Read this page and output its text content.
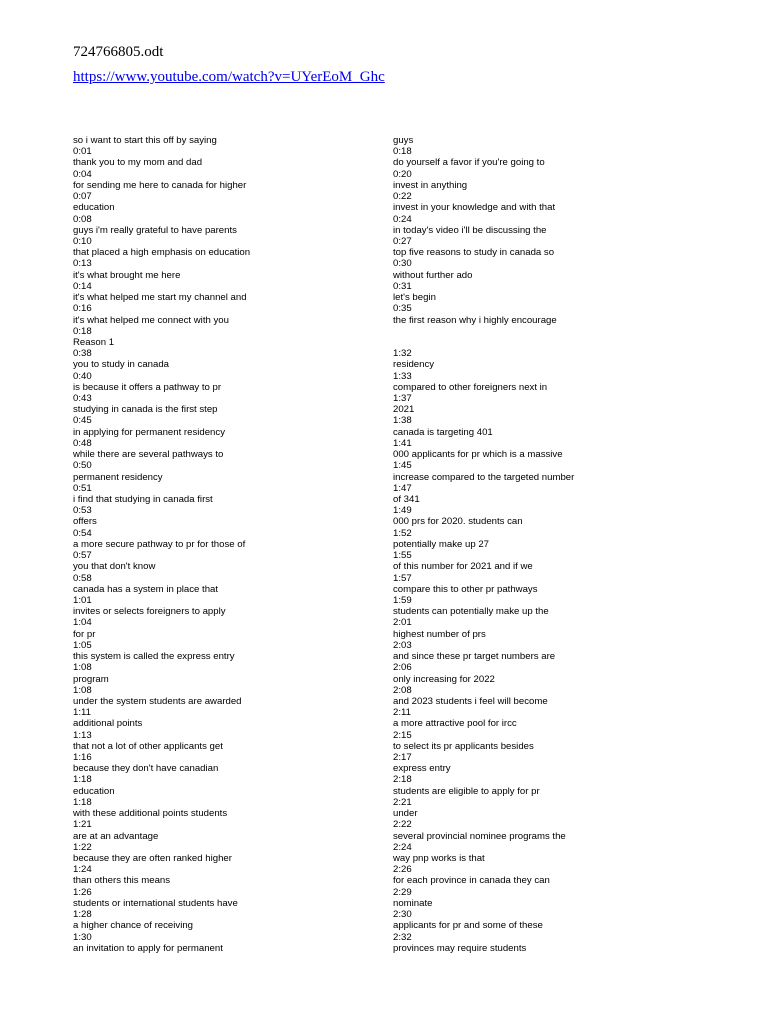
724766805.odt
https://www.youtube.com/watch?v=UYerEoM_Ghc
so i want to start this off by saying
0:01
thank you to my mom and dad
0:04
for sending me here to canada for higher
0:07
education
0:08
guys i'm really grateful to have parents
0:10
that placed a high emphasis on education
0:13
it's what brought me here
0:14
it's what helped me start my channel and
0:16
it's what helped me connect with you
0:18
Reason 1
0:38
you to study in canada
0:40
is because it offers a pathway to pr
0:43
studying in canada is the first step
0:45
in applying for permanent residency
0:48
while there are several pathways to
0:50
permanent residency
0:51
i find that studying in canada first
0:53
offers
0:54
a more secure pathway to pr for those of
0:57
you that don't know
0:58
canada has a system in place that
1:01
invites or selects foreigners to apply
1:04
for pr
1:05
this system is called the express entry
1:08
program
1:08
under the system students are awarded
1:11
additional points
1:13
that not a lot of other applicants get
1:16
because they don't have canadian
1:18
education
1:18
with these additional points students
1:21
are at an advantage
1:22
because they are often ranked higher
1:24
than others this means
1:26
students or international students have
1:28
a higher chance of receiving
1:30
an invitation to apply for permanent
guys
0:18
do yourself a favor if you're going to
0:20
invest in anything
0:22
invest in your knowledge and with that
0:24
in today's video i'll be discussing the
0:27
top five reasons to study in canada so
0:30
without further ado
0:31
let's begin
0:35
the first reason why i highly encourage
1:32
residency
1:33
compared to other foreigners next in
1:37
2021
1:38
canada is targeting 401
1:41
000 applicants for pr which is a massive
1:45
increase compared to the targeted number
1:47
of 341
1:49
000 prs for 2020. students can
1:52
potentially make up 27
1:55
of this number for 2021 and if we
1:57
compare this to other pr pathways
1:59
students can potentially make up the
2:01
highest number of prs
2:03
and since these pr target numbers are
2:06
only increasing for 2022
2:08
and 2023 students i feel will become
2:11
a more attractive pool for ircc
2:15
to select its pr applicants besides
2:17
express entry
2:18
students are eligible to apply for pr
2:21
under
2:22
several provincial nominee programs the
2:24
way pnp works is that
2:26
for each province in canada they can
2:29
nominate
2:30
applicants for pr and some of these
2:32
provinces may require students
